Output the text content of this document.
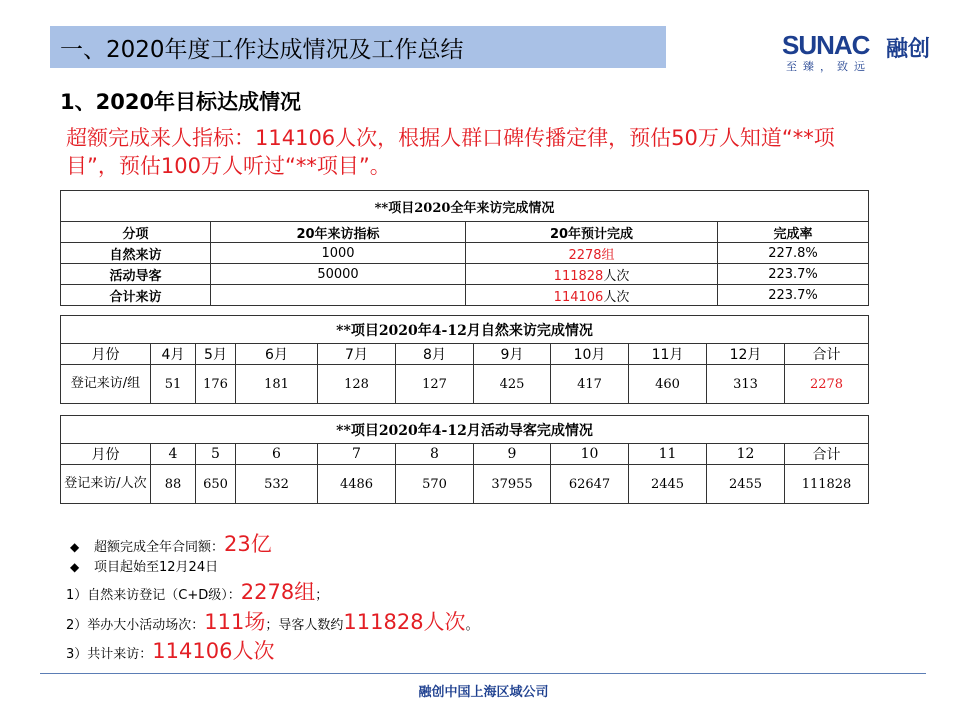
一、2020年度工作达成情况及工作总结	SUNAC 融创
至臻，致远
1、2020年目标达成情况
超额完成来人指标：114106人次，根据人群口碑传播定律，预估50万人知道“**项目”，预估100万人听过“**项目”。
**项目2020全年来访完成情况			
分项	20年来访指标	20年预计完成	完成率
自然来访	1000	2278组	227.8%
活动导客	50000	111828人次	223.7%
合计来访		114106人次	223.7%
**项目2020年4-12月自然来访完成情况										
月份	4月	5月	6月	7月	8月	9月	10月	11月	12月	合计
登记来访/组	51	176	181	128	127	425	417	460	313	2278
**项目2020年4-12月活动导客完成情况										
月份	4	5	6	7	8	9	10	11	12	合计
登记来访/人次	88	650	532	4486	570	37955	62647	2445	2455	111828
◆ 超额完成全年合同额：23亿
◆ 项目起始至12月24日
1）自然来访登记（C+D级）：2278组；
2）举办大小活动场次：111场；导客人数约111828人次。
3）共计来访：114106人次
融创中国上海区域公司
